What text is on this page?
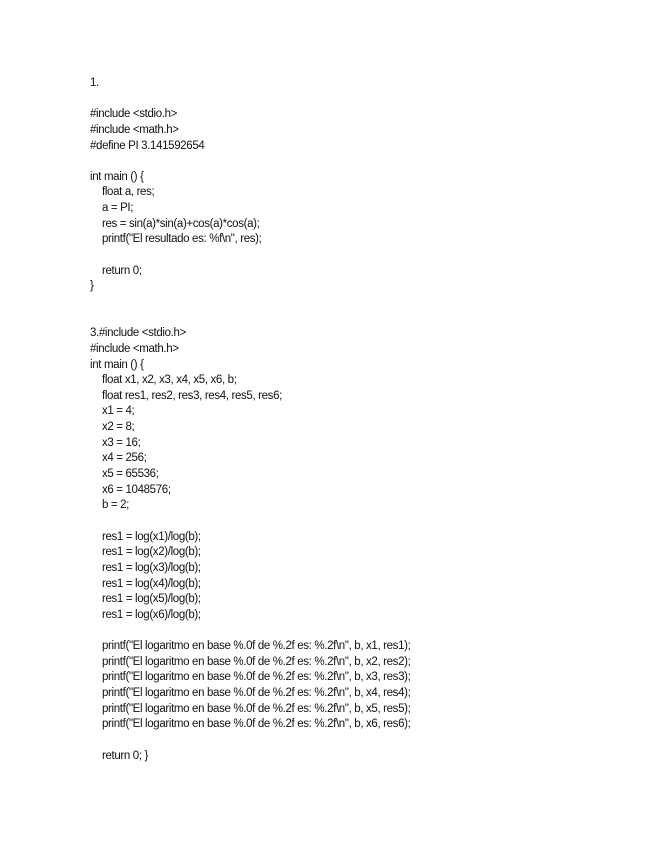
1.
#include <stdio.h>
#include <math.h>
#define PI 3.141592654
int main () {
float a, res;
a = PI;
res = sin(a)*sin(a)+cos(a)*cos(a);
printf("El resultado es: %f\n", res);
return 0;
}
3.#include <stdio.h>
#include <math.h>
int main () {
float x1, x2, x3, x4, x5, x6, b;
float res1, res2, res3, res4, res5, res6;
x1 = 4;
x2 = 8;
x3 = 16;
x4 = 256;
x5 = 65536;
x6 = 1048576;
b = 2;
res1 = log(x1)/log(b);
res1 = log(x2)/log(b);
res1 = log(x3)/log(b);
res1 = log(x4)/log(b);
res1 = log(x5)/log(b);
res1 = log(x6)/log(b);
printf("El logaritmo en base %.0f de %.2f es: %.2f\n", b, x1, res1);
printf("El logaritmo en base %.0f de %.2f es: %.2f\n", b, x2, res2);
printf("El logaritmo en base %.0f de %.2f es: %.2f\n", b, x3, res3);
printf("El logaritmo en base %.0f de %.2f es: %.2f\n", b, x4, res4);
printf("El logaritmo en base %.0f de %.2f es: %.2f\n", b, x5, res5);
printf("El logaritmo en base %.0f de %.2f es: %.2f\n", b, x6, res6);
return 0; }
